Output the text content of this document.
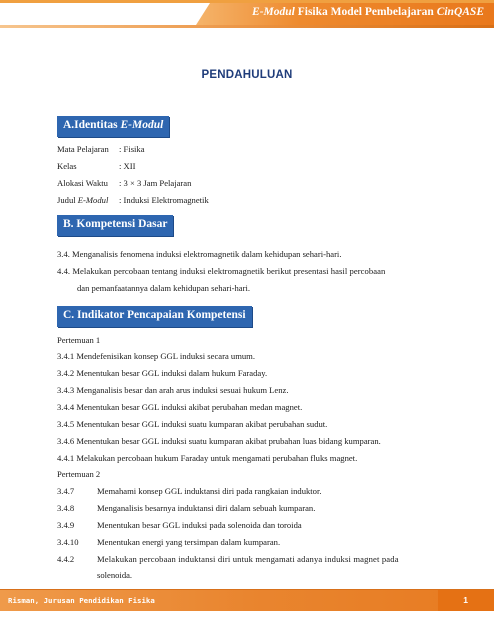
E-Modul Fisika Model Pembelajaran CinQASE
PENDAHULUAN
A.Identitas E-Modul
Mata Pelajaran : Fisika
Kelas	: XII
Alokasi Waktu : 3 × 3 Jam Pelajaran
Judul E-Modul : Induksi Elektromagnetik
B. Kompetensi Dasar
3.4. Menganalisis fenomena induksi elektromagnetik dalam kehidupan sehari-hari.
4.4. Melakukan percobaan tentang induksi elektromagnetik berikut presentasi hasil percobaan
dan pemanfaatannya dalam kehidupan sehari-hari.
C. Indikator Pencapaian Kompetensi
Pertemuan 1
3.4.1 Mendefenisikan konsep GGL induksi secara umum.
3.4.2 Menentukan besar GGL induksi dalam hukum Faraday.
3.4.3 Menganalisis besar dan arah arus induksi sesuai hukum Lenz.
3.4.4 Menentukan besar GGL induksi akibat perubahan medan magnet.
3.4.5 Menentukan besar GGL induksi suatu kumparan akibat perubahan sudut.
3.4.6 Menentukan besar GGL induksi suatu kumparan akibat prubahan luas bidang kumparan.
4.4.1 Melakukan percobaan hukum Faraday untuk mengamati perubahan fluks magnet.
Pertemuan 2
3.4.7	Memahami konsep GGL induktansi diri pada rangkaian induktor.
3.4.8	Menganalisis besarnya induktansi diri dalam sebuah kumparan.
3.4.9	Menentukan besar GGL induksi pada solenoida dan toroida
3.4.10 Menentukan energi yang tersimpan dalam kumparan.
4.4.2	Melakukan percobaan induktansi diri untuk mengamati adanya induksi magnet pada
solenoida.
Risman, Jurusan Pendidikan Fisika	1
